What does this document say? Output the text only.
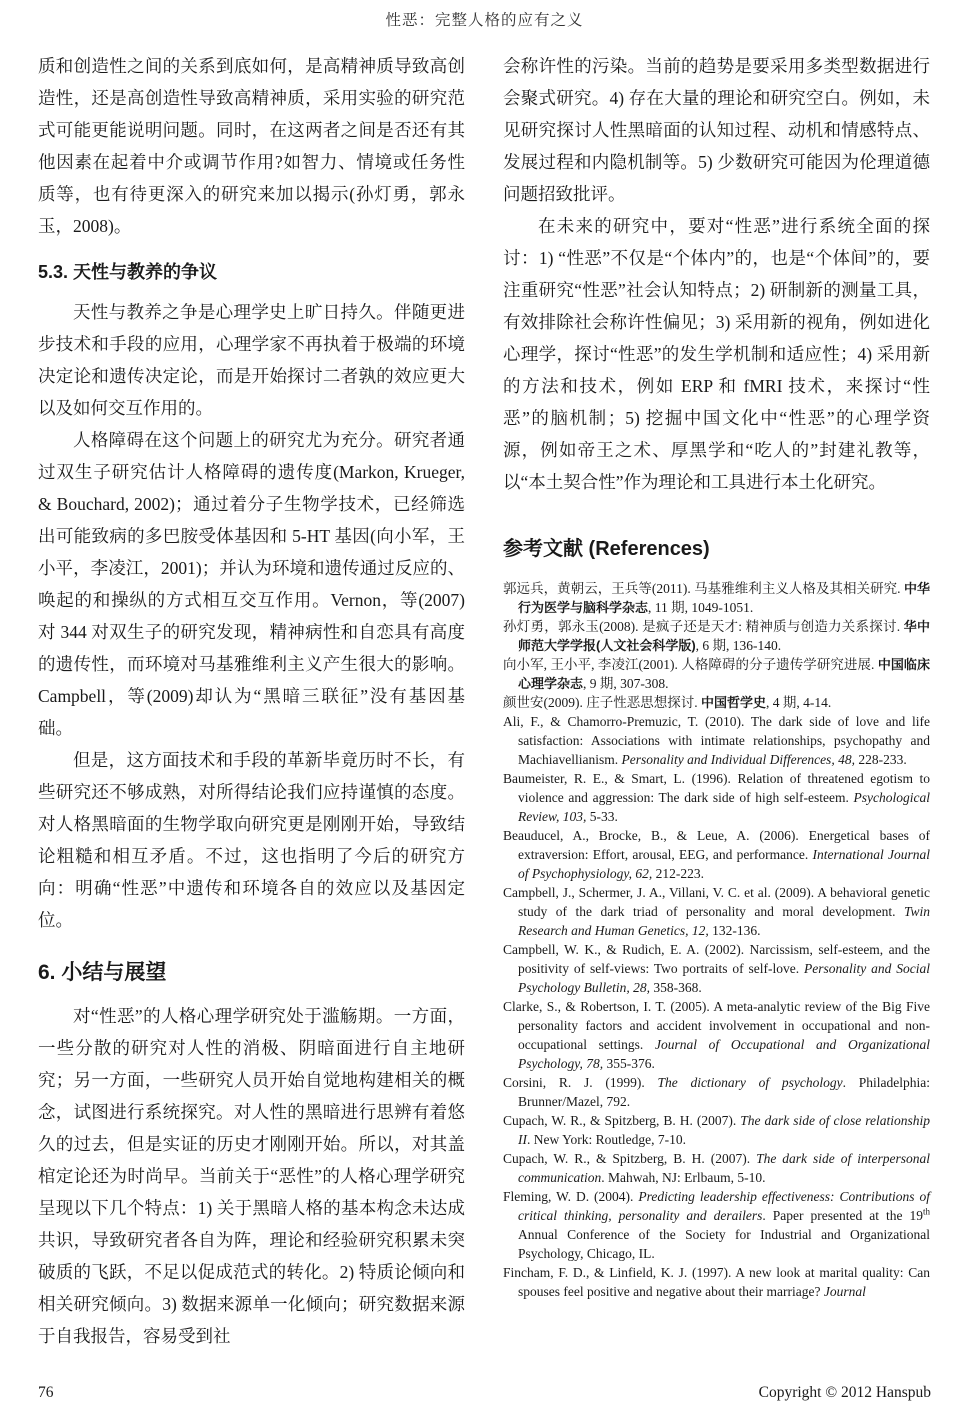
性恶：完整人格的应有之义

质和创造性之间的关系到底如何，是高精神质导致高创造性，还是高创造性导致高精神质，采用实验的研究范式可能更能说明问题。同时，在这两者之间是否还有其他因素在起着中介或调节作用?如智力、情境或任务性质等，也有待更深入的研究来加以揭示(孙灯勇，郭永玉，2008)。

5.3. 天性与教养的争议

天性与教养之争是心理学史上旷日持久。伴随更进步技术和手段的应用，心理学家不再执着于极端的环境决定论和遗传决定论，而是开始探讨二者孰的效应更大以及如何交互作用的。

人格障碍在这个问题上的研究尤为充分。研究者通过双生子研究估计人格障碍的遗传度(Markon, Krueger, & Bouchard, 2002)；通过着分子生物学技术，已经筛选出可能致病的多巴胺受体基因和 5-HT 基因(向小军，王小平，李凌江，2001)；并认为环境和遗传通过反应的、唤起的和操纵的方式相互交互作用。Vernon，等(2007)对 344 对双生子的研究发现，精神病性和自恋具有高度的遗传性，而环境对马基雅维利主义产生很大的影响。Campbell，等(2009)却认为“黑暗三联征”没有基因基础。

但是，这方面技术和手段的革新毕竟历时不长，有些研究还不够成熟，对所得结论我们应持谨慎的态度。对人格黑暗面的生物学取向研究更是刚刚开始，导致结论粗糙和相互矛盾。不过，这也指明了今后的研究方向：明确“性恶”中遗传和环境各自的效应以及基因定位。

6. 小结与展望

对“性恶”的人格心理学研究处于滥觞期。一方面，一些分散的研究对人性的消极、阴暗面进行自主地研究；另一方面，一些研究人员开始自觉地构建相关的概念，试图进行系统探究。对人性的黑暗进行思辨有着悠久的过去，但是实证的历史才刚刚开始。所以，对其盖棺定论还为时尚早。当前关于“恶性”的人格心理学研究呈现以下几个特点：1) 关于黑暗人格的基本构念未达成共识，导致研究者各自为阵，理论和经验研究积累未突破质的飞跃，不足以促成范式的转化。2) 特质论倾向和相关研究倾向。3) 数据来源单一化倾向；研究数据来源于自我报告，容易受到社

会称许性的污染。当前的趋势是要采用多类型数据进行会聚式研究。4) 存在大量的理论和研究空白。例如，未见研究探讨人性黑暗面的认知过程、动机和情感特点、发展过程和内隐机制等。5) 少数研究可能因为伦理道德问题招致批评。

在未来的研究中，要对“性恶”进行系统全面的探讨：1) “性恶”不仅是“个体内”的，也是“个体间”的，要注重研究“性恶”社会认知特点；2) 研制新的测量工具，有效排除社会称许性偏见；3) 采用新的视角，例如进化心理学，探讨“性恶”的发生学机制和适应性；4) 采用新的方法和技术，例如 ERP 和 fMRI 技术，来探讨“性恶”的脑机制；5) 挖掘中国文化中“性恶”的心理学资源，例如帝王之术、厚黑学和“吃人的”封建礼教等，以“本土契合性”作为理论和工具进行本土化研究。

参考文献 (References)

郭远兵，黄朝云，王兵等(2011). 马基雅维利主义人格及其相关研究. 中华行为医学与脑科学杂志, 11 期, 1049-1051.

孙灯勇，郭永玉(2008). 是疯子还是天才: 精神质与创造力关系探讨. 华中师范大学学报(人文社会科学版), 6 期, 136-140.

向小军, 王小平, 李凌江(2001). 人格障碍的分子遗传学研究进展. 中国临床心理学杂志, 9 期, 307-308.

颜世安(2009). 庄子性恶思想探讨. 中国哲学史, 4 期, 4-14.

Ali, F., & Chamorro-Premuzic, T. (2010). The dark side of love and life satisfaction: Associations with intimate relationships, psychopathy and Machiavellianism. Personality and Individual Differences, 48, 228-233.

Baumeister, R. E., & Smart, L. (1996). Relation of threatened egotism to violence and aggression: The dark side of high self-esteem. Psychological Review, 103, 5-33.

Beauducel, A., Brocke, B., & Leue, A. (2006). Energetical bases of extraversion: Effort, arousal, EEG, and performance. International Journal of Psychophysiology, 62, 212-223.

Campbell, J., Schermer, J. A., Villani, V. C. et al. (2009). A behavioral genetic study of the dark triad of personality and moral development. Twin Research and Human Genetics, 12, 132-136.

Campbell, W. K., & Rudich, E. A. (2002). Narcissism, self-esteem, and the positivity of self-views: Two portraits of self-love. Personality and Social Psychology Bulletin, 28, 358-368.

Clarke, S., & Robertson, I. T. (2005). A meta-analytic review of the Big Five personality factors and accident involvement in occupational and non-occupational settings. Journal of Occupational and Organizational Psychology, 78, 355-376.

Corsini, R. J. (1999). The dictionary of psychology. Philadelphia: Brunner/Mazel, 792.

Cupach, W. R., & Spitzberg, B. H. (2007). The dark side of close relationship II. New York: Routledge, 7-10.

Cupach, W. R., & Spitzberg, B. H. (2007). The dark side of interpersonal communication. Mahwah, NJ: Erlbaum, 5-10.

Fleming, W. D. (2004). Predicting leadership effectiveness: Contributions of critical thinking, personality and derailers. Paper presented at the 19th Annual Conference of the Society for Industrial and Organizational Psychology, Chicago, IL.

Fincham, F. D., & Linfield, K. J. (1997). A new look at marital quality: Can spouses feel positive and negative about their marriage? Journal

76	Copyright © 2012 Hanspub
